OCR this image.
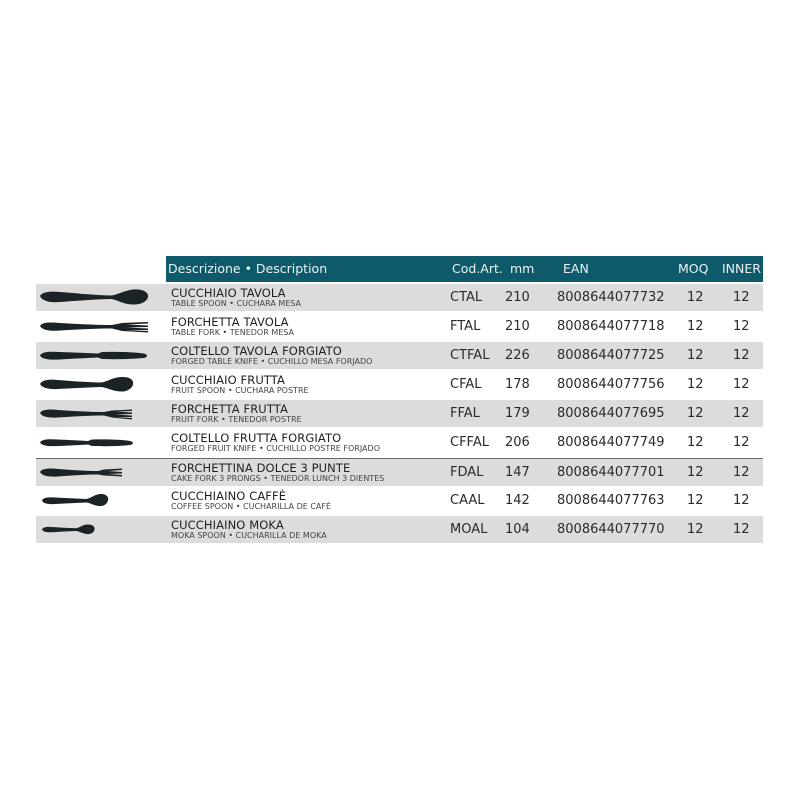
Descrizione • Description	Cod.Art. mm EAN	MOQ INNER
CUCCHIAIO TAVOLA
TABLE SPOON • CUCHARA MESA	CTAL 210 8008644077732 12 12
FORCHETTA TAVOLA
TABLE FORK • TENEDOR MESA	FTAL 210 8008644077718 12 12
COLTELLO TAVOLA FORGIATO
FORGED TABLE KNIFE • CUCHILLO MESA FORJADO	CTFAL 226 8008644077725 12 12
CUCCHIAIO FRUTTA
FRUIT SPOON • CUCHARA POSTRE	CFAL 178 8008644077756 12 12
FORCHETTA FRUTTA
FRUIT FORK • TENEDOR POSTRE	FFAL 179 8008644077695 12 12
COLTELLO FRUTTA FORGIATO
FORGED FRUIT KNIFE • CUCHILLO POSTRE FORJADO	CFFAL 206 8008644077749 12 12
FORCHETTINA DOLCE 3 PUNTE
CAKE FORK 3 PRONGS • TENEDOR LUNCH 3 DIENTES	FDAL 147 8008644077701 12 12
CUCCHIAINO CAFFÈ
COFFEE SPOON • CUCHARILLA DE CAFÉ	CAAL 142 8008644077763 12 12
CUCCHIAINO MOKA
MOKA SPOON • CUCHARILLA DE MOKA	MOAL 104 8008644077770 12 12
